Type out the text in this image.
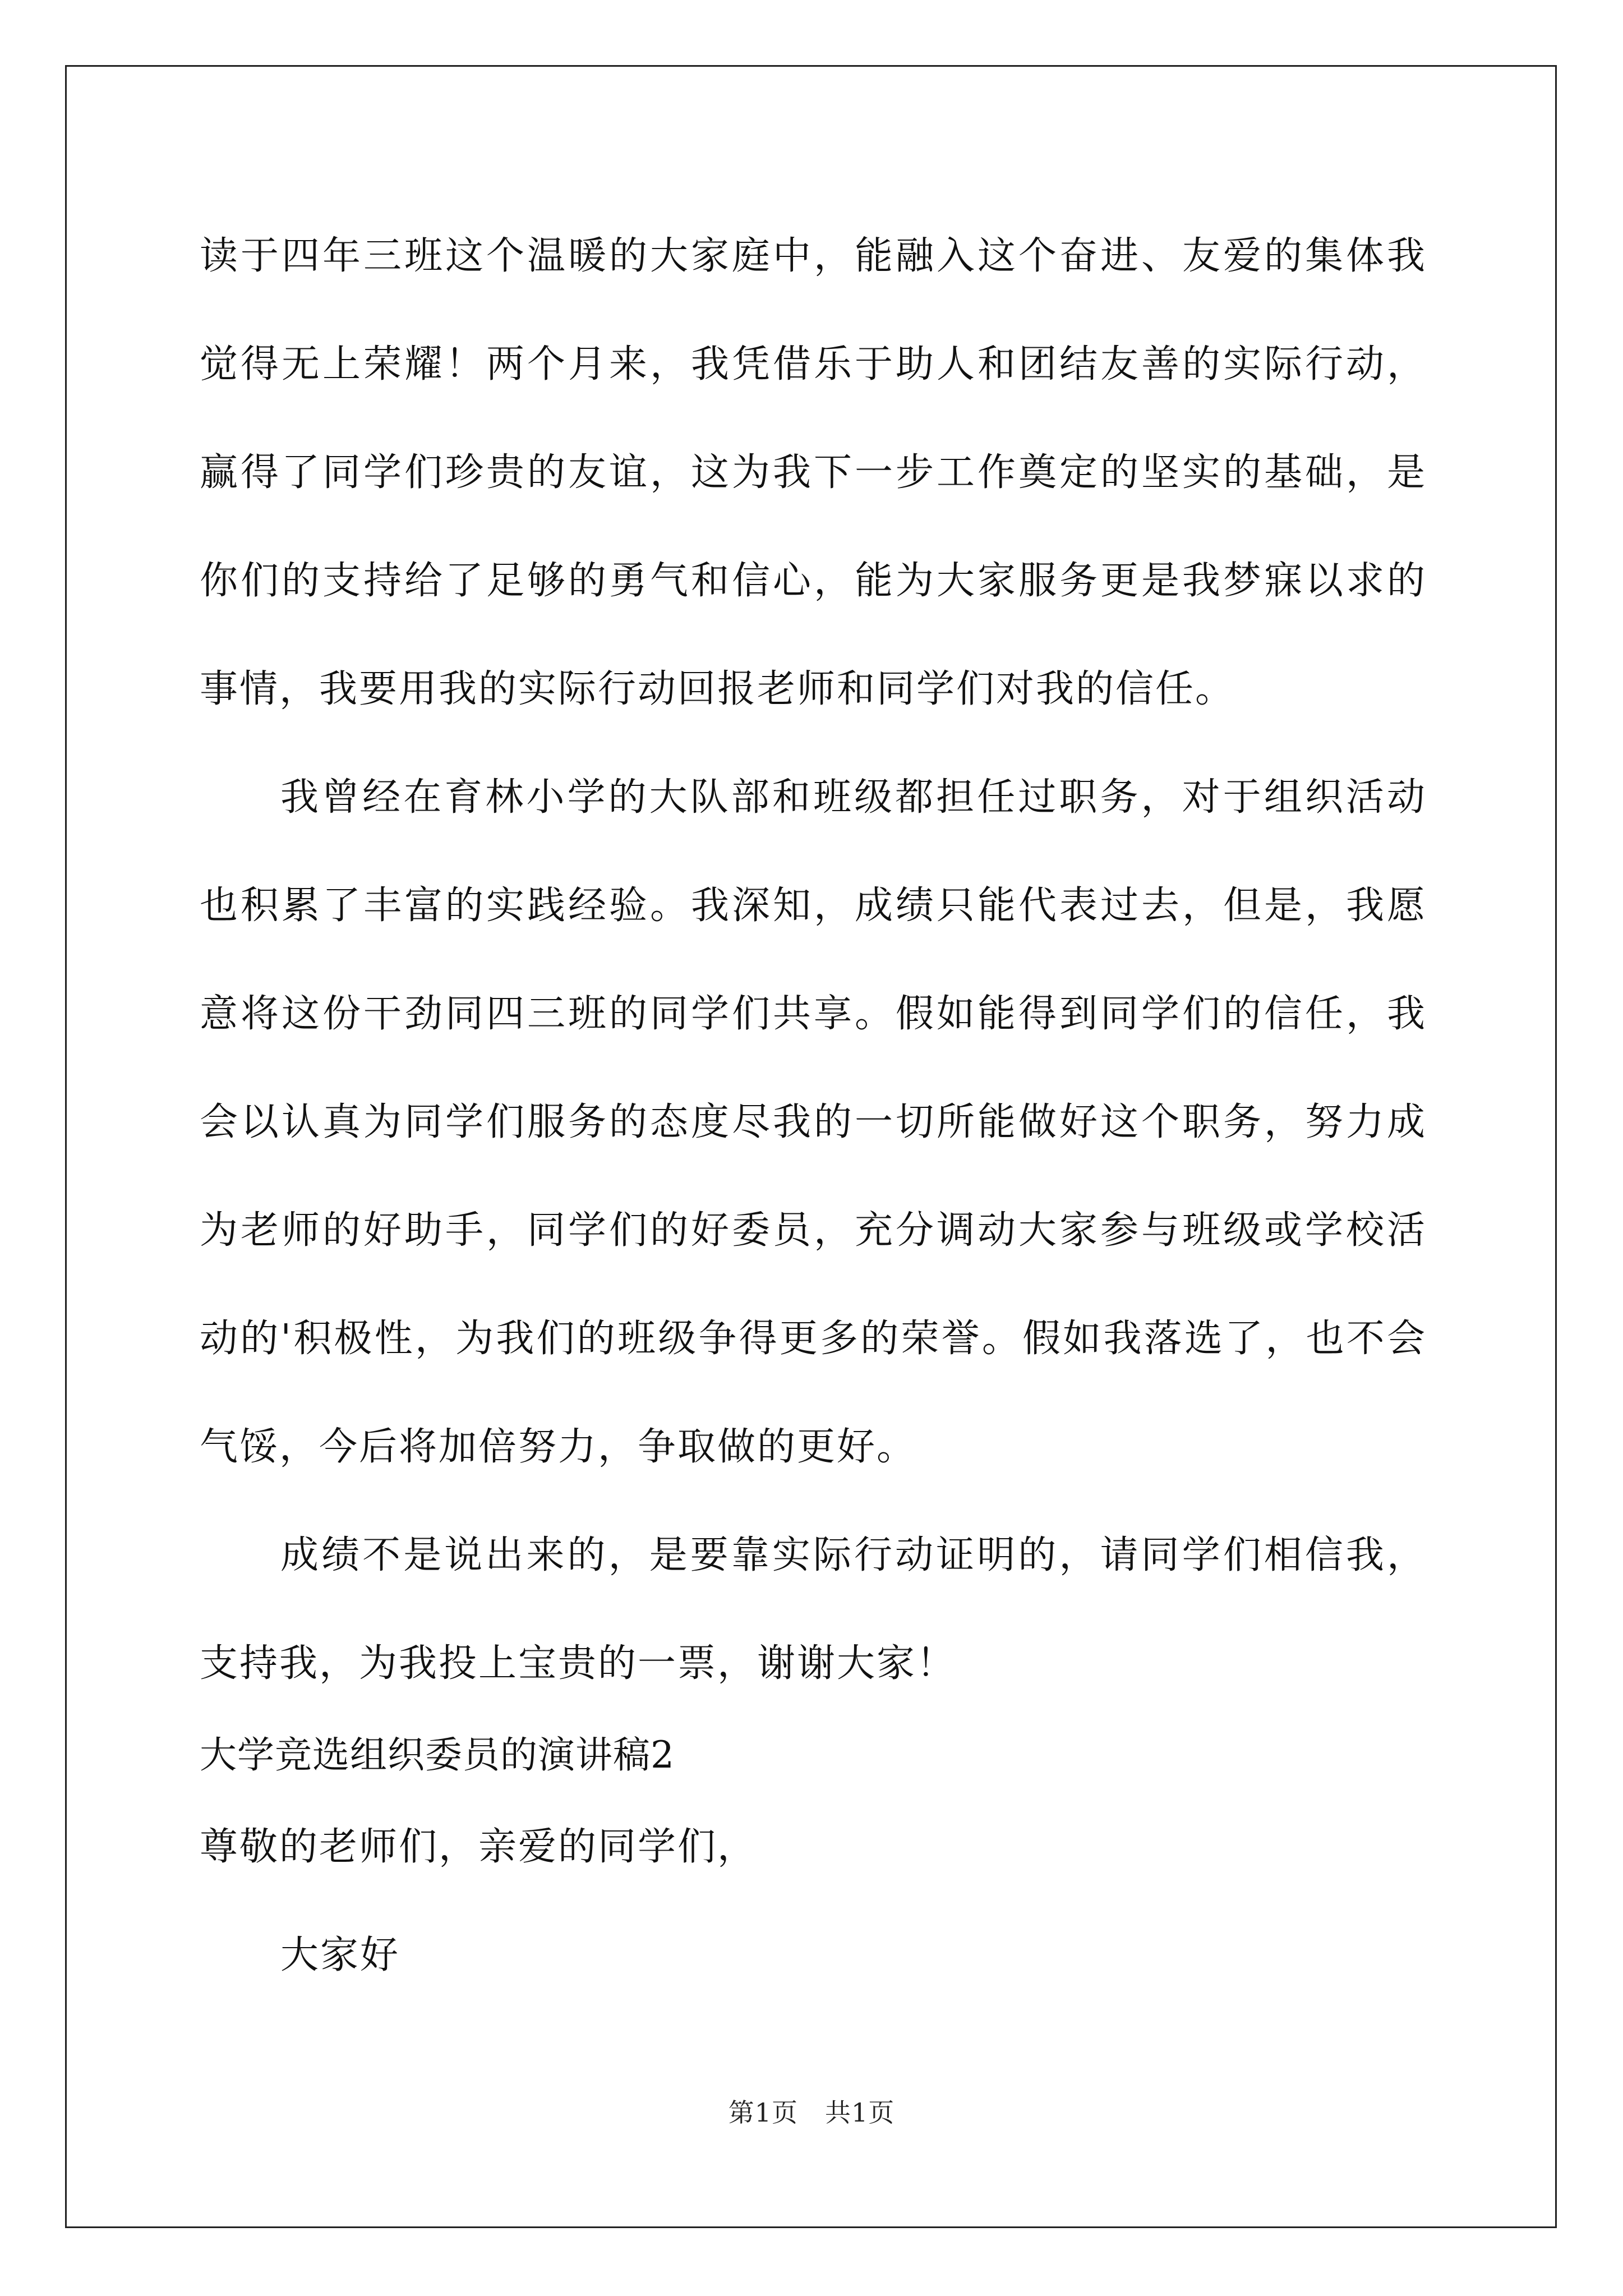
读于四年三班这个温暖的大家庭中，能融入这个奋进、友爱的集体我觉得无上荣耀！两个月来，我凭借乐于助人和团结友善的实际行动，赢得了同学们珍贵的友谊，这为我下一步工作奠定的坚实的基础，是你们的支持给了足够的勇气和信心，能为大家服务更是我梦寐以求的事情，我要用我的实际行动回报老师和同学们对我的信任。

我曾经在育林小学的大队部和班级都担任过职务，对于组织活动也积累了丰富的实践经验。我深知，成绩只能代表过去，但是，我愿意将这份干劲同四三班的同学们共享。假如能得到同学们的信任，我会以认真为同学们服务的态度尽我的一切所能做好这个职务，努力成为老师的好助手，同学们的好委员，充分调动大家参与班级或学校活动的'积极性，为我们的班级争得更多的荣誉。假如我落选了，也不会气馁，今后将加倍努力，争取做的更好。

成绩不是说出来的，是要靠实际行动证明的，请同学们相信我，支持我，为我投上宝贵的一票，谢谢大家！

大学竞选组织委员的演讲稿2

尊敬的老师们，亲爱的同学们，

大家好

第1页 共1页
